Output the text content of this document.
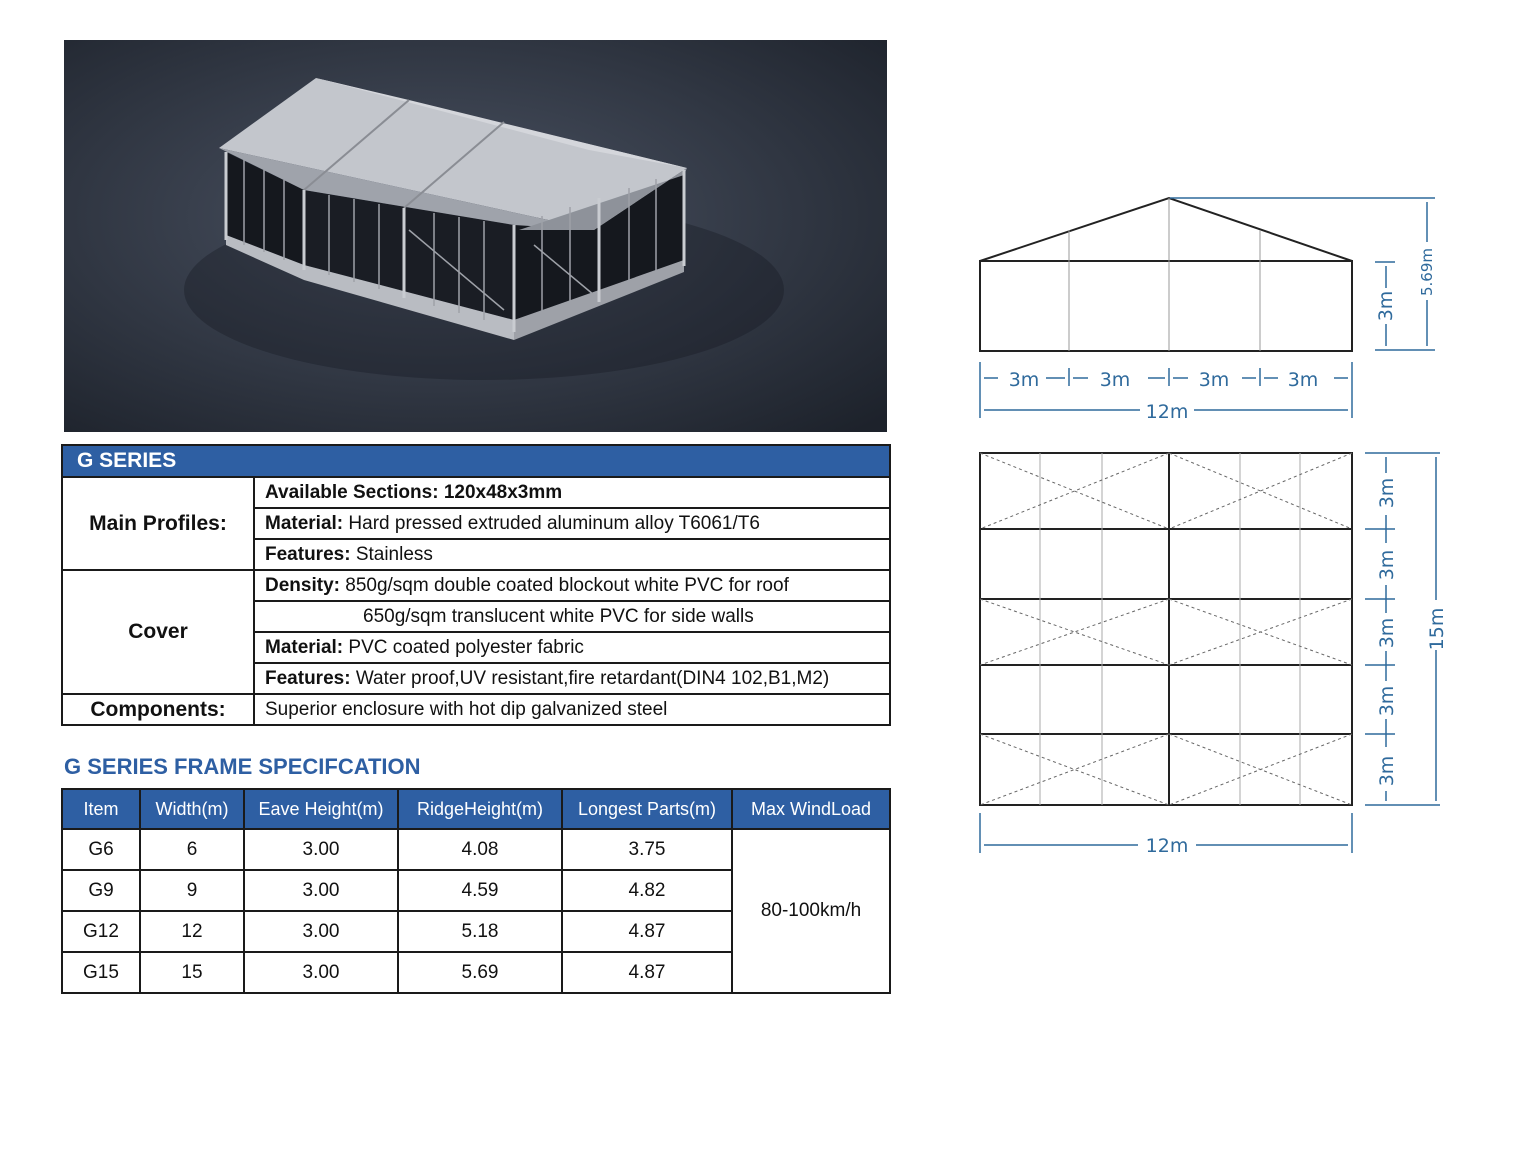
G SERIES	
Main Profiles:	Available Sections: 120x48x3mm
	Material: Hard pressed extruded aluminum alloy T6061/T6
	Features: Stainless
Cover	Density: 850g/sqm double coated blockout white PVC for roof
	650g/sqm translucent white PVC for side walls
	Material: PVC coated polyester fabric
	Features: Water proof,UV resistant,fire retardant(DIN4 102,B1,M2)
Components:	Superior enclosure with hot dip galvanized steel
G SERIES FRAME SPECIFCATION
Item	Width(m)	Eave Height(m)	RidgeHeight(m)	Longest Parts(m)	Max WindLoad
G6	6	3.00	4.08	3.75	80-100km/h
G9	9	3.00	4.59	4.82	
G12	12	3.00	5.18	4.87	
G15	15	3.00	5.69	4.87	
3m	3m	3m	3m
12m
3m
5.69m
3m
3m
3m
3m
3m
15m
12m
